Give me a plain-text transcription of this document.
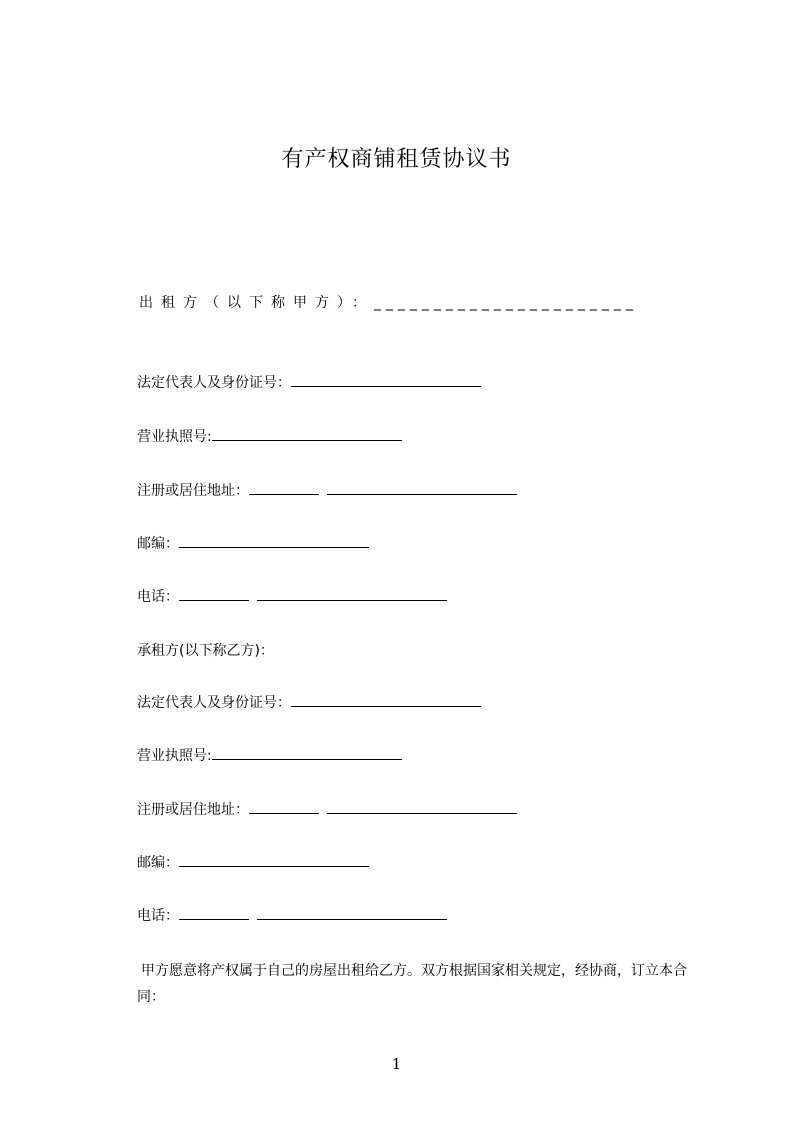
有产权商铺租赁协议书
出租方（以下称甲方）：______________________
法定代表人及身份证号：
营业执照号:
注册或居住地址：
邮编：
电话：
承租方(以下称乙方)：
法定代表人及身份证号：
营业执照号:
注册或居住地址：
邮编：
电话：
甲方愿意将产权属于自己的房屋出租给乙方。双方根据国家相关规定，经协商，订立本合同：
1
